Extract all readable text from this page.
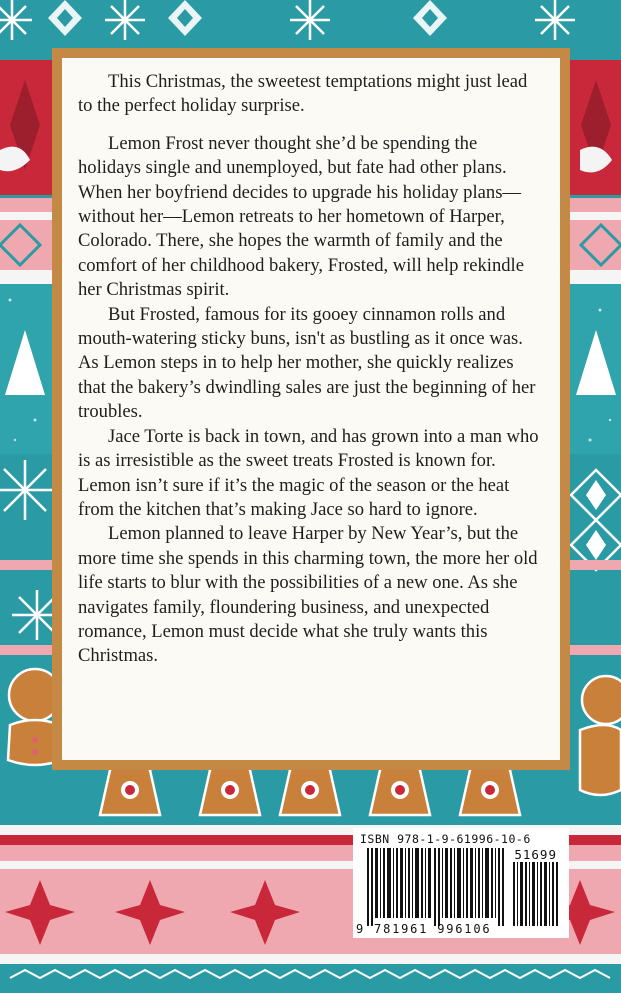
This Christmas, the sweetest temptations might just lead to the perfect holiday surprise.

Lemon Frost never thought she’d be spending the holidays single and unemployed, but fate had other plans. When her boyfriend decides to upgrade his holiday plans—without her—Lemon retreats to her hometown of Harper, Colorado. There, she hopes the warmth of family and the comfort of her childhood bakery, Frosted, will help rekindle her Christmas spirit.

But Frosted, famous for its gooey cinnamon rolls and mouth-watering sticky buns, isn't as bustling as it once was. As Lemon steps in to help her mother, she quickly realizes that the bakery’s dwindling sales are just the beginning of her troubles.

Jace Torte is back in town, and has grown into a man who is as irresistible as the sweet treats Frosted is known for. Lemon isn’t sure if it’s the magic of the season or the heat from the kitchen that’s making Jace so hard to ignore.

Lemon planned to leave Harper by New Year’s, but the more time she spends in this charming town, the more her old life starts to blur with the possibilities of a new one. As she navigates family, floundering business, and unexpected romance, Lemon must decide what she truly wants this Christmas.

ISBN 978-1-9-61996-10-6
51699
9 781961 996106
